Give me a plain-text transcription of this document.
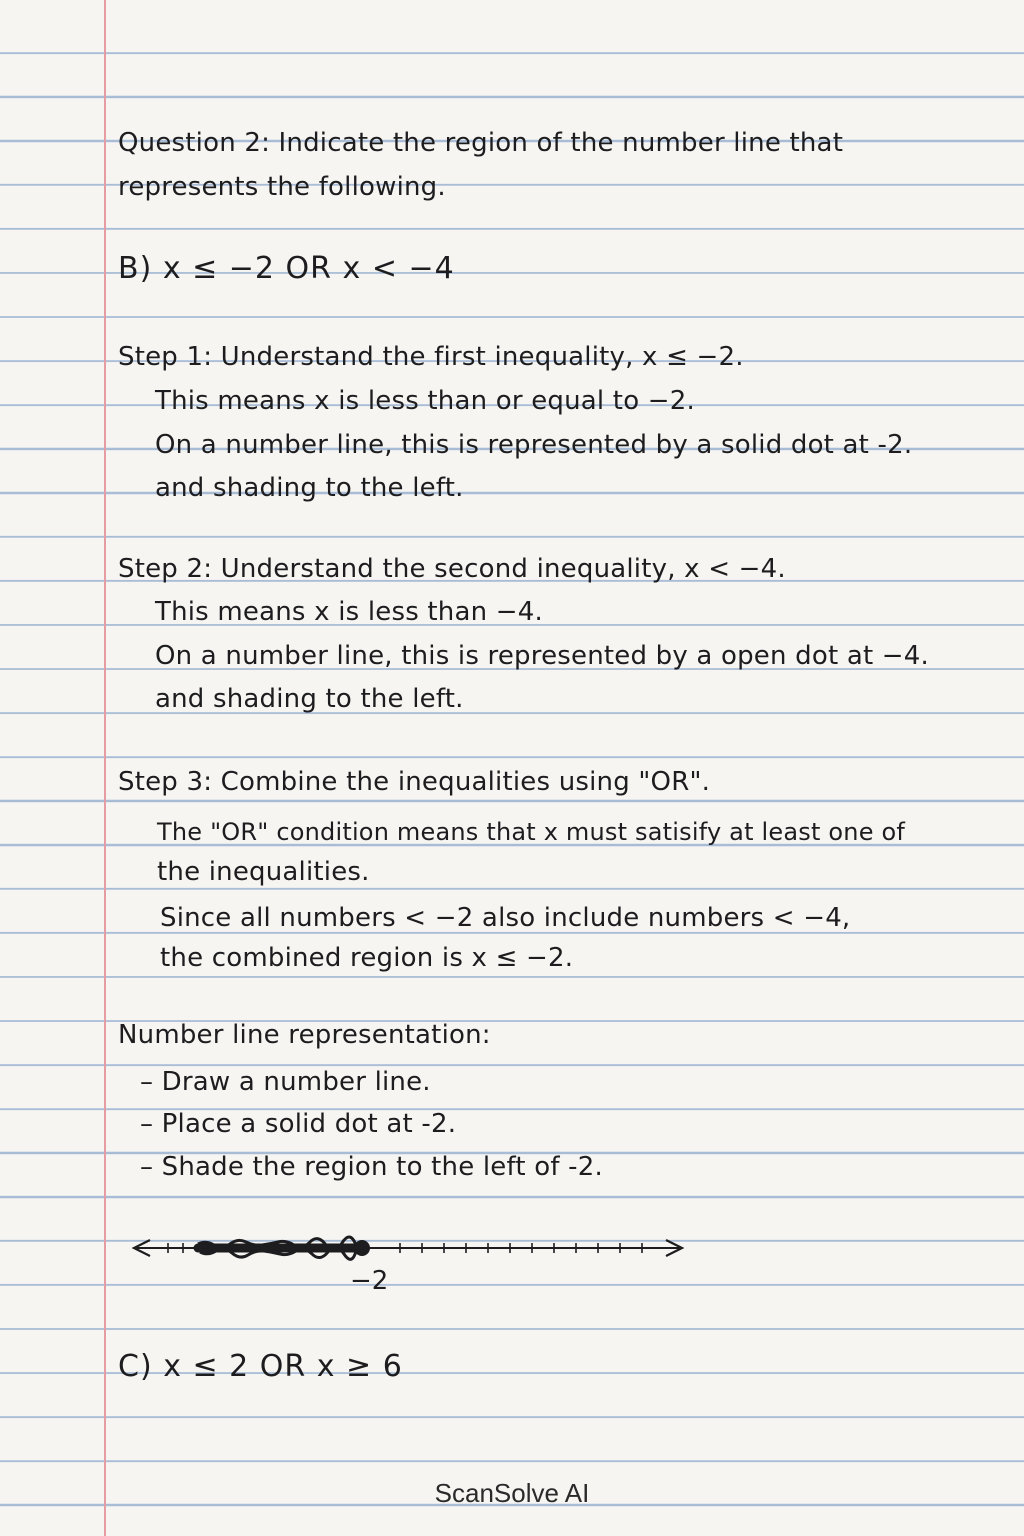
Question 2: Indicate the region of the number line that
represents the following.
B) x ≤ −2 OR x < −4
Step 1: Understand the first inequality, x ≤ −2.
This means x is less than or equal to −2.
On a number line, this is represented by a solid dot at -2.
and shading to the left.
Step 2: Understand the second inequality, x < −4.
This means x is less than −4.
On a number line, this is represented by a open dot at −4.
and shading to the left.
Step 3: Combine the inequalities using "OR".
The "OR" condition means that x must satisify at least one of
the inequalities.
Since all numbers < −2 also include numbers < −4,
the combined region is x ≤ −2.
Number line representation:
– Draw a number line.
– Place a solid dot at -2.
– Shade the region to the left of -2.
−2
C) x ≤ 2 OR x ≥ 6
ScanSolve AI
